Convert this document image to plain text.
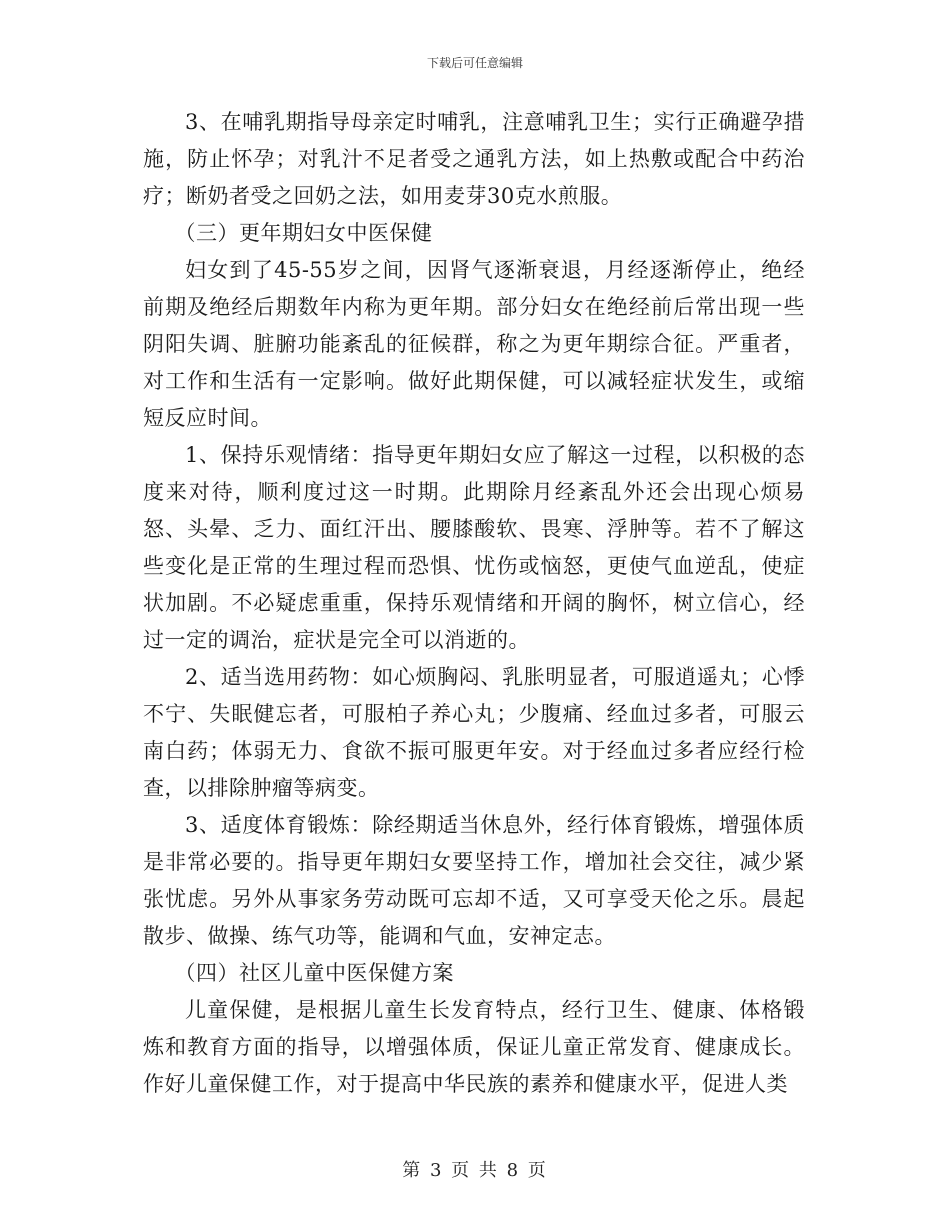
下载后可任意编辑

3、在哺乳期指导母亲定时哺乳，注意哺乳卫生；实行正确避孕措施，防止怀孕；对乳汁不足者受之通乳方法，如上热敷或配合中药治疗；断奶者受之回奶之法，如用麦芽30克水煎服。

（三）更年期妇女中医保健

妇女到了45-55岁之间，因肾气逐渐衰退，月经逐渐停止，绝经前期及绝经后期数年内称为更年期。部分妇女在绝经前后常出现一些阴阳失调、脏腑功能紊乱的征候群，称之为更年期综合征。严重者，对工作和生活有一定影响。做好此期保健，可以减轻症状发生，或缩短反应时间。

1、保持乐观情绪：指导更年期妇女应了解这一过程，以积极的态度来对待，顺利度过这一时期。此期除月经紊乱外还会出现心烦易怒、头晕、乏力、面红汗出、腰膝酸软、畏寒、浮肿等。若不了解这些变化是正常的生理过程而恐惧、忧伤或恼怒，更使气血逆乱，使症状加剧。不必疑虑重重，保持乐观情绪和开阔的胸怀，树立信心，经过一定的调治，症状是完全可以消逝的。

2、适当选用药物：如心烦胸闷、乳胀明显者，可服逍遥丸；心悸不宁、失眠健忘者，可服柏子养心丸；少腹痛、经血过多者，可服云南白药；体弱无力、食欲不振可服更年安。对于经血过多者应经行检查，以排除肿瘤等病变。

3、适度体育锻炼：除经期适当休息外，经行体育锻炼，增强体质是非常必要的。指导更年期妇女要坚持工作，增加社会交往，减少紧张忧虑。另外从事家务劳动既可忘却不适，又可享受天伦之乐。晨起散步、做操、练气功等，能调和气血，安神定志。

（四）社区儿童中医保健方案

儿童保健，是根据儿童生长发育特点，经行卫生、健康、体格锻炼和教育方面的指导，以增强体质，保证儿童正常发育、健康成长。作好儿童保健工作，对于提高中华民族的素养和健康水平，促进人类

第 3 页 共 8 页
